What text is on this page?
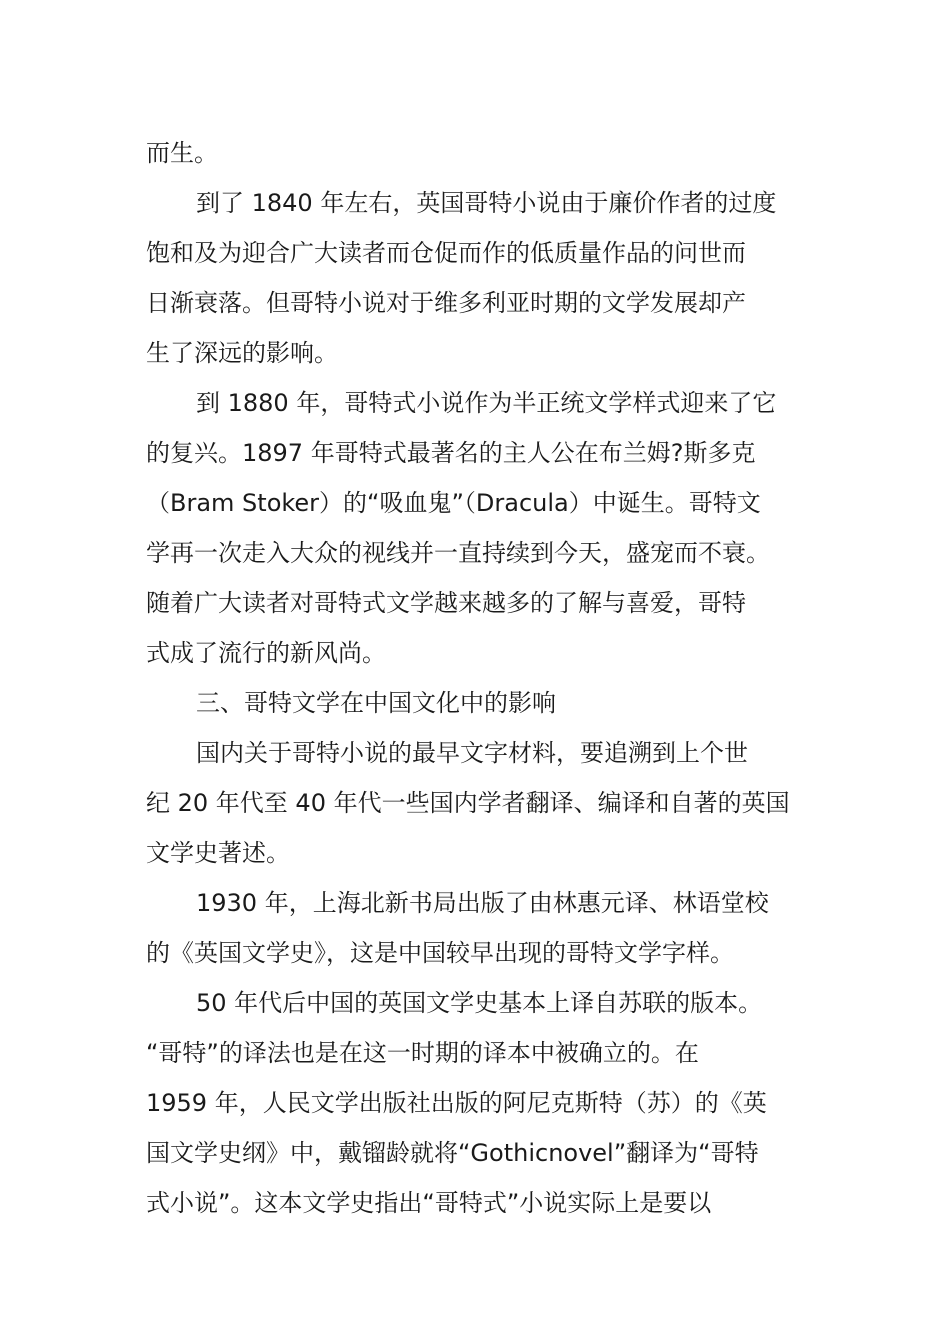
而生。
到了 1840 年左右，英国哥特小说由于廉价作者的过度
饱和及为迎合广大读者而仓促而作的低质量作品的问世而
日渐衰落。但哥特小说对于维多利亚时期的文学发展却产
生了深远的影响。
到 1880 年，哥特式小说作为半正统文学样式迎来了它
的复兴。1897 年哥特式最著名的主人公在布兰姆?斯多克
（Bram Stoker）的“吸血鬼”（Dracula）中诞生。哥特文
学再一次走入大众的视线并一直持续到今天，盛宠而不衰。
随着广大读者对哥特式文学越来越多的了解与喜爱，哥特
式成了流行的新风尚。
三、哥特文学在中国文化中的影响
国内关于哥特小说的最早文字材料，要追溯到上个世
纪 20 年代至 40 年代一些国内学者翻译、编译和自著的英国
文学史著述。
1930 年，上海北新书局出版了由林惠元译、林语堂校
的《英国文学史》，这是中国较早出现的哥特文学字样。
50 年代后中国的英国文学史基本上译自苏联的版本。
“哥特”的译法也是在这一时期的译本中被确立的。在
1959 年，人民文学出版社出版的阿尼克斯特（苏）的《英
国文学史纲》中，戴镏龄就将“Gothicnovel”翻译为“哥特
式小说”。这本文学史指出“哥特式”小说实际上是要以
